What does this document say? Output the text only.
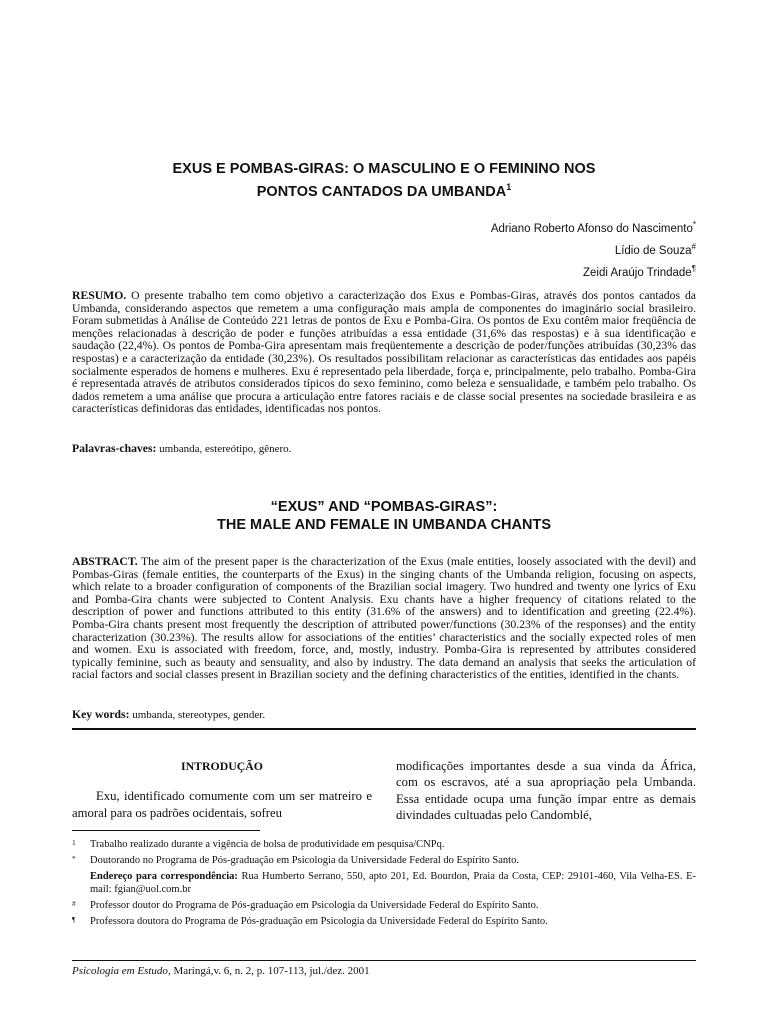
EXUS E POMBAS-GIRAS: O MASCULINO E O FEMININO NOS
PONTOS CANTADOS DA UMBANDA$^1$
Adriano Roberto Afonso do Nascimento*
Lídio de Souza#
Zeidi Araújo Trindade¶
RESUMO. O presente trabalho tem como objetivo a caracterização dos Exus e Pombas-Giras, através dos pontos cantados da Umbanda, considerando aspectos que remetem a uma configuração mais ampla de componentes do imaginário social brasileiro. Foram submetidas à Análise de Conteúdo 221 letras de pontos de Exu e Pomba-Gira. Os pontos de Exu contêm maior freqüência de menções relacionadas à descrição de poder e funções atribuídas a essa entidade (31,6% das respostas) e à sua identificação e saudação (22,4%). Os pontos de Pomba-Gira apresentam mais freqüentemente a descrição de poder/funções atribuídas (30,23% das respostas) e a caracterização da entidade (30,23%). Os resultados possibilitam relacionar as características das entidades aos papéis socialmente esperados de homens e mulheres. Exu é representado pela liberdade, força e, principalmente, pelo trabalho. Pomba-Gira é representada através de atributos considerados típicos do sexo feminino, como beleza e sensualidade, e também pelo trabalho. Os dados remetem a uma análise que procura a articulação entre fatores raciais e de classe social presentes na sociedade brasileira e as características definidoras das entidades, identificadas nos pontos.
Palavras-chaves: umbanda, estereótipo, gênero.
“EXUS” AND “POMBAS-GIRAS”:
THE MALE AND FEMALE IN UMBANDA CHANTS
ABSTRACT. The aim of the present paper is the characterization of the Exus (male entities, loosely associated with the devil) and Pombas-Giras (female entities, the counterparts of the Exus) in the singing chants of the Umbanda religion, focusing on aspects, which relate to a broader configuration of components of the Brazilian social imagery. Two hundred and twenty one lyrics of Exu and Pomba-Gira chants were subjected to Content Analysis. Exu chants have a higher frequency of citations related to the description of power and functions attributed to this entity (31.6% of the answers) and to identification and greeting (22.4%). Pomba-Gira chants present most frequently the description of attributed power/functions (30.23% of the responses) and the entity characterization (30.23%). The results allow for associations of the entities’ characteristics and the socially expected roles of men and women. Exu is associated with freedom, force, and, mostly, industry. Pomba-Gira is represented by attributes considered typically feminine, such as beauty and sensuality, and also by industry. The data demand an analysis that seeks the articulation of racial factors and social classes present in Brazilian society and the defining characteristics of the entities, identified in the chants.
Key words: umbanda, stereotypes, gender.
INTRODUÇÃO
Exu, identificado comumente com um ser matreiro e amoral para os padrões ocidentais, sofreu
modificações importantes desde a sua vinda da África, com os escravos, até a sua apropriação pela Umbanda. Essa entidade ocupa uma função ímpar entre as demais divindades cultuadas pelo Candomblé,
1	Trabalho realizado durante a vigência de bolsa de produtividade em pesquisa/CNPq.
*	Doutorando no Programa de Pós-graduação em Psicologia da Universidade Federal do Espírito Santo.
Endereço para correspondência: Rua Humberto Serrano, 550, apto 201, Ed. Bourdon, Praia da Costa, CEP: 29101-460, Vila Velha-ES. E-mail: fgian@uol.com.br
#	Professor doutor do Programa de Pós-graduação em Psicologia da Universidade Federal do Espírito Santo.
¶	Professora doutora do Programa de Pós-graduação em Psicologia da Universidade Federal do Espírito Santo.
Psicologia em Estudo, Maringá,v. 6, n. 2, p. 107-113, jul./dez. 2001
